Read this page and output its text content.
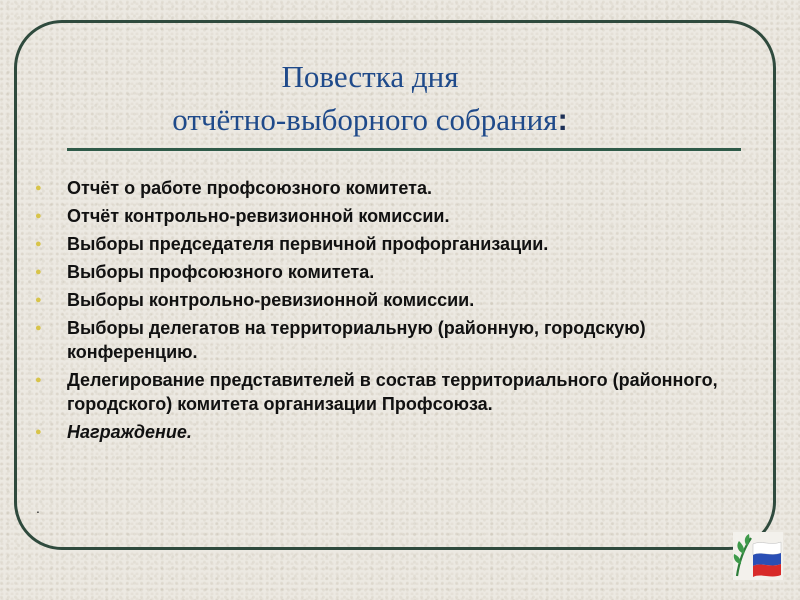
Повестка дня
отчётно-выборного собрания:
● Отчёт о работе профсоюзного комитета.
● Отчёт контрольно-ревизионной комиссии.
● Выборы председателя первичной профорганизации.
● Выборы профсоюзного комитета.
● Выборы контрольно-ревизионной комиссии.
● Выборы делегатов на территориальную (районную, городскую) конференцию.
● Делегирование представителей в состав территориального (районного, городского) комитета организации Профсоюза.
● Награждение.
.
